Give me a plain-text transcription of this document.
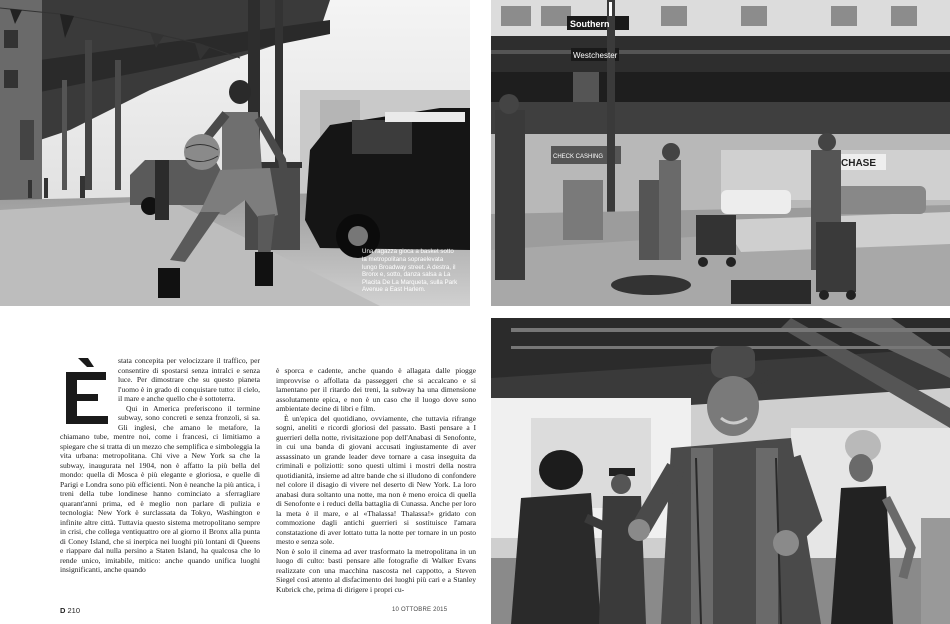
Una ragazza gioca a basket sotto la metropolitana sopraelevata lungo Broadway street. A destra, il Bronx e, sotto, danza salsa a La Placita De La Marqueta, sulla Park Avenue a East Harlem.
Southern
Westchester
CHECK CASHING
CHASE
È	stata concepita per velocizzare il traffico, per consentire di spostarsi senza intralci e senza luce. Per dimostrare che su questo pianeta l'uomo è in grado di conquistare tutto: il cielo, il mare e anche quello che è sottoterra.

Qui in America preferiscono il termine subway, sono concreti e senza fronzoli, si sa. Gli inglesi, che amano le metafore, la chiamano tube, mentre noi, come i francesi, ci limitiamo a spiegare che si tratta di un mezzo che semplifica e simboleggia la vita urbana: metropolitana. Chi vive a New York sa che la subway, inaugurata nel 1904, non è affatto la più bella del mondo: quella di Mosca è più elegante e gloriosa, e quelle di Parigi e Londra sono più efficienti. Non è neanche la più antica, i treni della tube londinese hanno cominciato a sferragliare quarant'anni prima, ed è meglio non parlare di pulizia e tecnologia: New York è surclassata da Tokyo, Washington e infinite altre città. Tuttavia questo sistema metropolitano sempre in crisi, che collega ventiquattro ore al giorno il Bronx alla punta di Coney Island, che si inerpica nei luoghi più lontani di Queens e riappare dal nulla persino a Staten Island, ha qualcosa che lo rende unico, imitabile, mitico: anche quando unifica luoghi insignificanti, anche quando

è sporca e cadente, anche quando è allagata dalle piogge improvvise o affollata da passeggeri che si accalcano e si lamentano per il ritardo dei treni, la subway ha una dimensione assolutamente epica, e non è un caso che il luogo dove sono ambientate decine di libri e film.

È un'epica del quotidiano, ovviamente, che tuttavia rifrange sogni, aneliti e ricordi gloriosi del passato. Basti pensare a I guerrieri della notte, rivisitazione pop dell'Anabasi di Senofonte, in cui una banda di giovani accusati ingiustamente di aver assassinato un grande leader deve tornare a casa inseguita da criminali e poliziotti: sono questi ultimi i mostri della nostra quotidianità, insieme ad altre bande che si illudono di confondere nel colore il disagio di vivere nel deserto di New York. La loro anabasi dura soltanto una notte, ma non è meno eroica di quella di Senofonte e i reduci della battaglia di Cunassa. Anche per loro la meta è il mare, e al «Thalassa! Thalassa!» gridato con commozione dagli antichi guerrieri si sostituisce l'amara constatazione di aver lottato tutta la notte per tornare in un posto mesto e senza sole.

Non è solo il cinema ad aver trasformato la metropolitana in un luogo di culto: basti pensare alle fotografie di Walker Evans realizzate con una macchina nascosta nel cappotto, a Steven Siegel così attento al disfacimento dei luoghi più cari e a Stanley Kubrick che, prima di dirigere i propri cu-

D 210	10 OTTOBRE 2015
